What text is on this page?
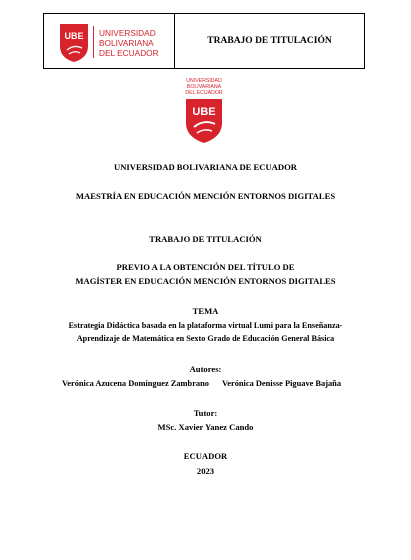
UBE UNIVERSIDAD
BOLIVARIANA
DEL ECUADOR
TRABAJO DE TITULACIÓN
UNIVERSIDAD
BOLIVARIANA
DEL ECUADOR
UBE
UNIVERSIDAD BOLIVARIANA DE ECUADOR
MAESTRÍA EN EDUCACIÓN MENCIÓN ENTORNOS DIGITALES
TRABAJO DE TITULACIÓN
PREVIO A LA OBTENCIÓN DEL TÍTULO DE
MAGÍSTER EN EDUCACIÓN MENCIÓN ENTORNOS DIGITALES
TEMA
Estrategia Didáctica basada en la plataforma virtual Lumi para la Enseñanza-
Aprendizaje de Matemática en Sexto Grado de Educación General Básica
Autores:
Verónica Azucena Domínguez Zambrano Verónica Denisse Piguave Bajaña
Tutor:
MSc. Xavier Yanez Cando
ECUADOR
2023
